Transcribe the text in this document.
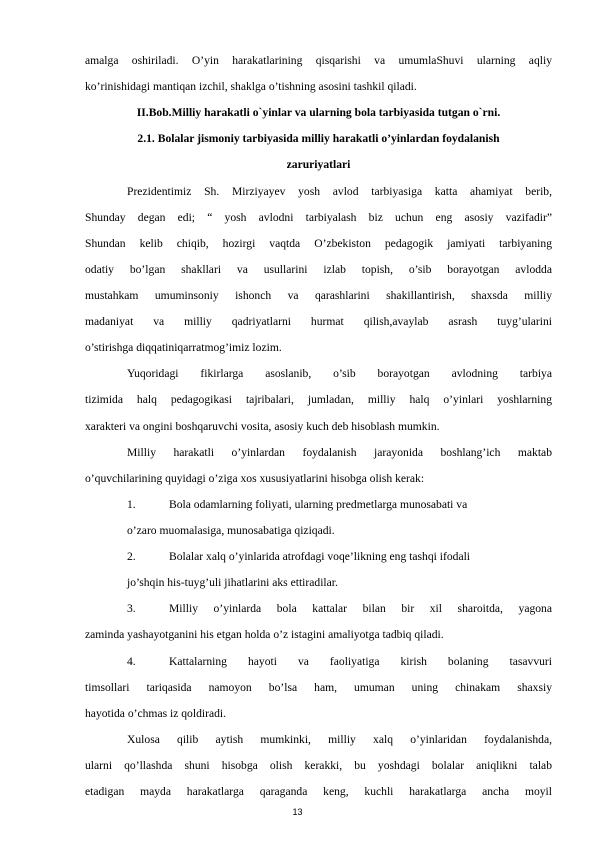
amalga oshiriladi. O’yin harakatlarining qisqarishi va umumlaShuvi ularning aqliy
ko’rinishidagi mantiqan izchil, shaklga o’tishning asosini tashkil qiladi.
II.Bob.Milliy harakatli o`yinlar va ularning bola tarbiyasida tutgan o`rni.
2.1. Bolalar jismoniy tarbiyasida milliy harakatli o’yinlardan foydalanish
zaruriyatlari
Prezidentimiz Sh. Mirziyayev yosh avlod tarbiyasiga katta ahamiyat berib,
Shunday degan edi; “ yosh avlodni tarbiyalash biz uchun eng asosiy vazifadir”
Shundan kelib chiqib, hozirgi vaqtda O’zbekiston pedagogik jamiyati tarbiyaning
odatiy bo’lgan shakllari va usullarini izlab topish, o’sib borayotgan avlodda
mustahkam umuminsoniy ishonch va qarashlarini shakillantirish, shaxsda milliy
madaniyat va milliy qadriyatlarni hurmat qilish,avaylab asrash tuyg’ularini
o’stirishga diqqatiniqarratmog’imiz lozim.
Yuqoridagi fikirlarga asoslanib, o’sib borayotgan avlodning tarbiya
tizimida halq pedagogikasi tajribalari, jumladan, milliy halq o’yinlari yoshlarning
xarakteri va ongini boshqaruvchi vosita, asosiy kuch deb hisoblash mumkin.
Milliy harakatli o’yinlardan foydalanish jarayonida boshlang’ich maktab
o’quvchilarining quyidagi o’ziga xos xususiyatlarini hisobga olish kerak:
1.	Bola odamlarning foliyati, ularning predmetlarga munosabati va
o’zaro muomalasiga, munosabatiga qiziqadi.
2.	Bolalar xalq o’yinlarida atrofdagi voqe’likning eng tashqi ifodali
jo’shqin his-tuyg’uli jihatlarini aks ettiradilar.
3.	Milliy o’yinlarda bola kattalar bilan bir xil sharoitda, yagona
zaminda yashayotganini his etgan holda o’z istagini amaliyotga tadbiq qiladi.
4.	Kattalarning hayoti va faoliyatiga kirish bolaning tasavvuri
timsollari tariqasida namoyon bo’lsa ham, umuman uning chinakam shaxsiy
hayotida o’chmas iz qoldiradi.
Xulosa qilib aytish mumkinki, milliy xalq o’yinlaridan foydalanishda,
13
ularni qo’llashda shuni hisobga olish kerakki, bu yoshdagi bolalar aniqlikni talab
etadigan mayda harakatlarga qaraganda keng, kuchli harakatlarga ancha moyil
